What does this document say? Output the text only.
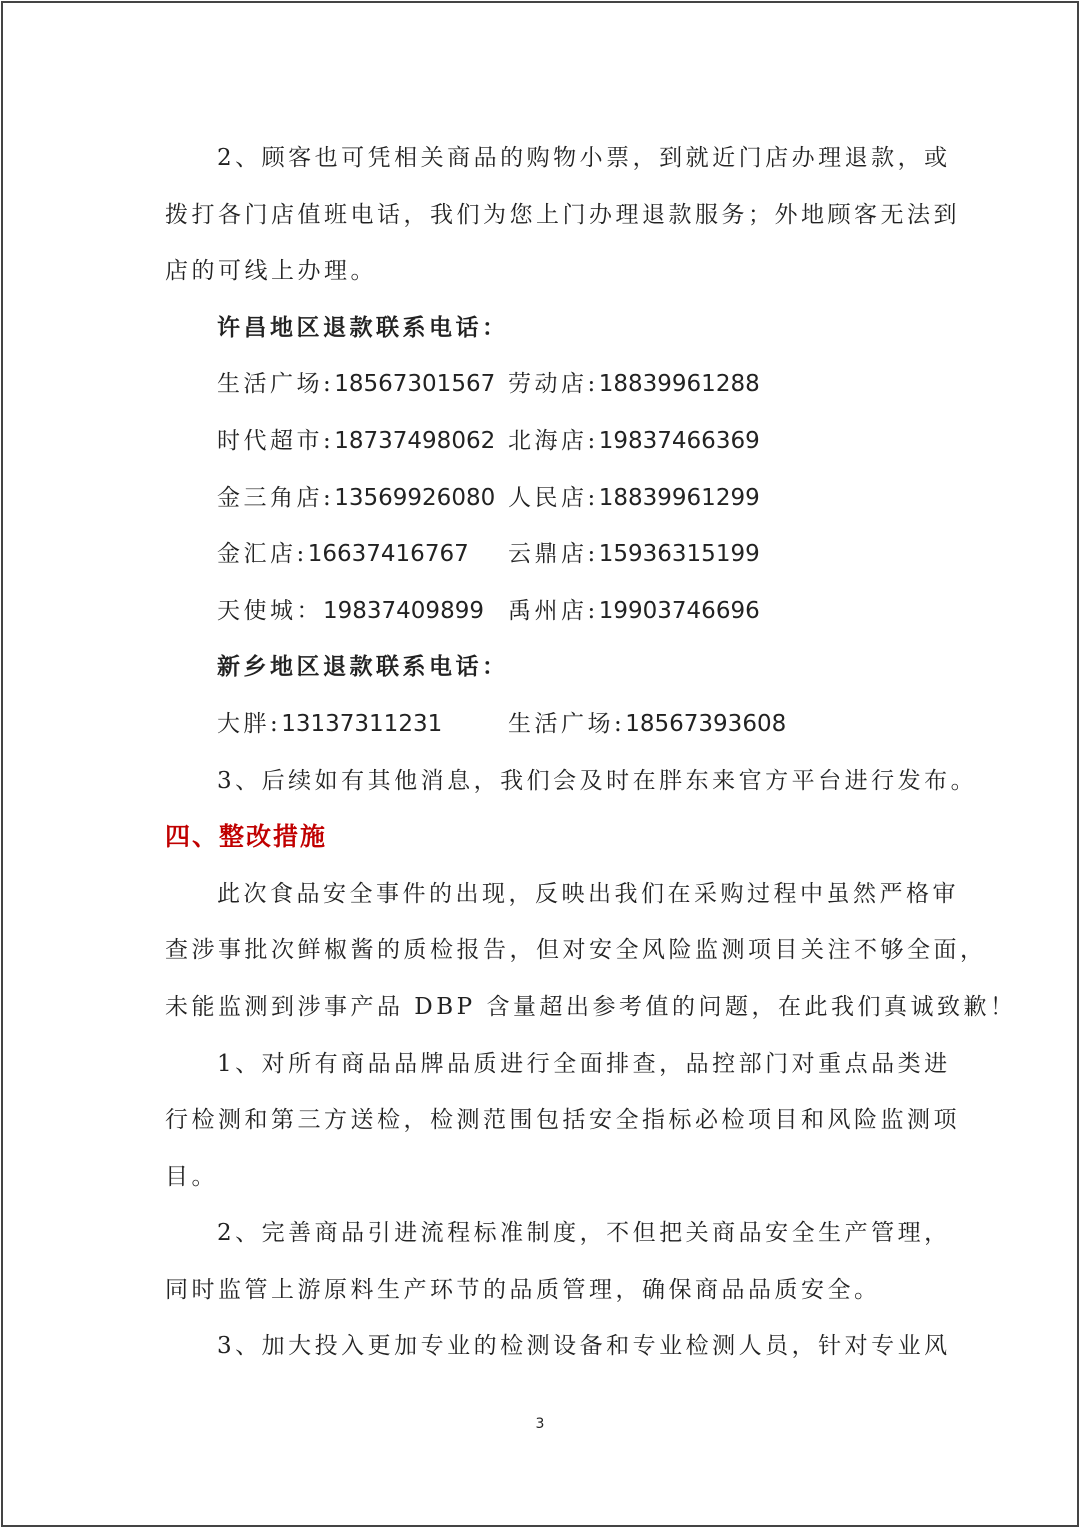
2、顾客也可凭相关商品的购物小票，到就近门店办理退款，或
拨打各门店值班电话，我们为您上门办理退款服务；外地顾客无法到
店的可线上办理。
许昌地区退款联系电话：
生活广场:18567301567 劳动店:18839961288
时代超市:18737498062 北海店:19837466369
金三角店:13569926080 人民店:18839961299
金汇店:16637416767	云鼎店:15936315199
天使城：19837409899	禹州店:19903746696
新乡地区退款联系电话：
大胖:13137311231	生活广场:18567393608
3、后续如有其他消息，我们会及时在胖东来官方平台进行发布。
四、整改措施
此次食品安全事件的出现，反映出我们在采购过程中虽然严格审
查涉事批次鲜椒酱的质检报告，但对安全风险监测项目关注不够全面，
未能监测到涉事产品 DBP 含量超出参考值的问题，在此我们真诚致歉！
1、对所有商品品牌品质进行全面排查，品控部门对重点品类进
行检测和第三方送检，检测范围包括安全指标必检项目和风险监测项
目。
2、完善商品引进流程标准制度，不但把关商品安全生产管理，
同时监管上游原料生产环节的品质管理，确保商品品质安全。
3、加大投入更加专业的检测设备和专业检测人员，针对专业风
3
